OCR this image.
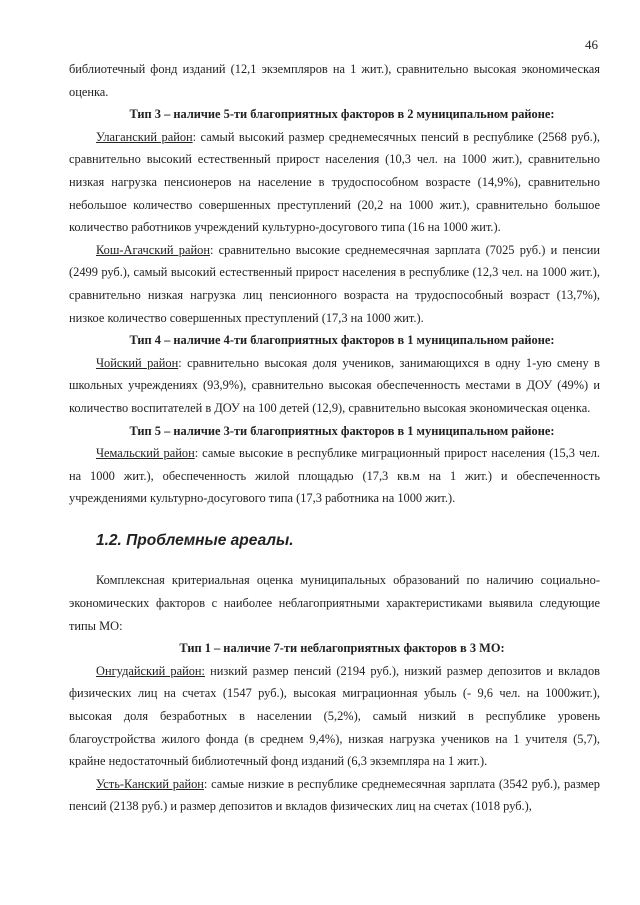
46

библиотечный фонд изданий (12,1 экземпляров на 1 жит.), сравнительно высокая экономическая оценка.

Тип 3 – наличие 5-ти благоприятных факторов в 2 муниципальном районе:

Улаганский район: самый высокий размер среднемесячных пенсий в республике (2568 руб.), сравнительно высокий естественный прирост населения (10,3 чел. на 1000 жит.), сравнительно низкая нагрузка пенсионеров на население в трудоспособном возрасте (14,9%), сравнительно небольшое количество совершенных преступлений (20,2 на 1000 жит.), сравнительно большое количество работников учреждений культурно-досугового типа (16 на 1000 жит.).

Кош-Агачский район: сравнительно высокие среднемесячная зарплата (7025 руб.) и пенсии (2499 руб.), самый высокий естественный прирост населения в республике (12,3 чел. на 1000 жит.), сравнительно низкая нагрузка лиц пенсионного возраста на трудоспособный возраст (13,7%), низкое количество совершенных преступлений (17,3 на 1000 жит.).

Тип 4 – наличие 4-ти благоприятных факторов в 1 муниципальном районе:

Чойский район: сравнительно высокая доля учеников, занимающихся в одну 1-ую смену в школьных учреждениях (93,9%), сравнительно высокая обеспеченность местами в ДОУ (49%) и количество воспитателей в ДОУ на 100 детей (12,9), сравнительно высокая экономическая оценка.

Тип 5 – наличие 3-ти благоприятных факторов в 1 муниципальном районе:

Чемальский район: самые высокие в республике миграционный прирост населения (15,3 чел. на 1000 жит.), обеспеченность жилой площадью (17,3 кв.м на 1 жит.) и обеспеченность учреждениями культурно-досугового типа (17,3 работника на 1000 жит.).

1.2. Проблемные ареалы.

Комплексная критериальная оценка муниципальных образований по наличию социально-экономических факторов с наиболее неблагоприятными характеристиками выявила следующие типы МО:

Тип 1 – наличие 7-ти неблагоприятных факторов в 3 МО:

Онгудайский район: низкий размер пенсий (2194 руб.), низкий размер депозитов и вкладов физических лиц на счетах (1547 руб.), высокая миграционная убыль (- 9,6 чел. на 1000жит.), высокая доля безработных в населении (5,2%), самый низкий в республике уровень благоустройства жилого фонда (в среднем 9,4%), низкая нагрузка учеников на 1 учителя (5,7), крайне недостаточный библиотечный фонд изданий (6,3 экземпляра на 1 жит.).

Усть-Канский район: самые низкие в республике среднемесячная зарплата (3542 руб.), размер пенсий (2138 руб.) и размер депозитов и вкладов физических лиц на счетах (1018 руб.),
